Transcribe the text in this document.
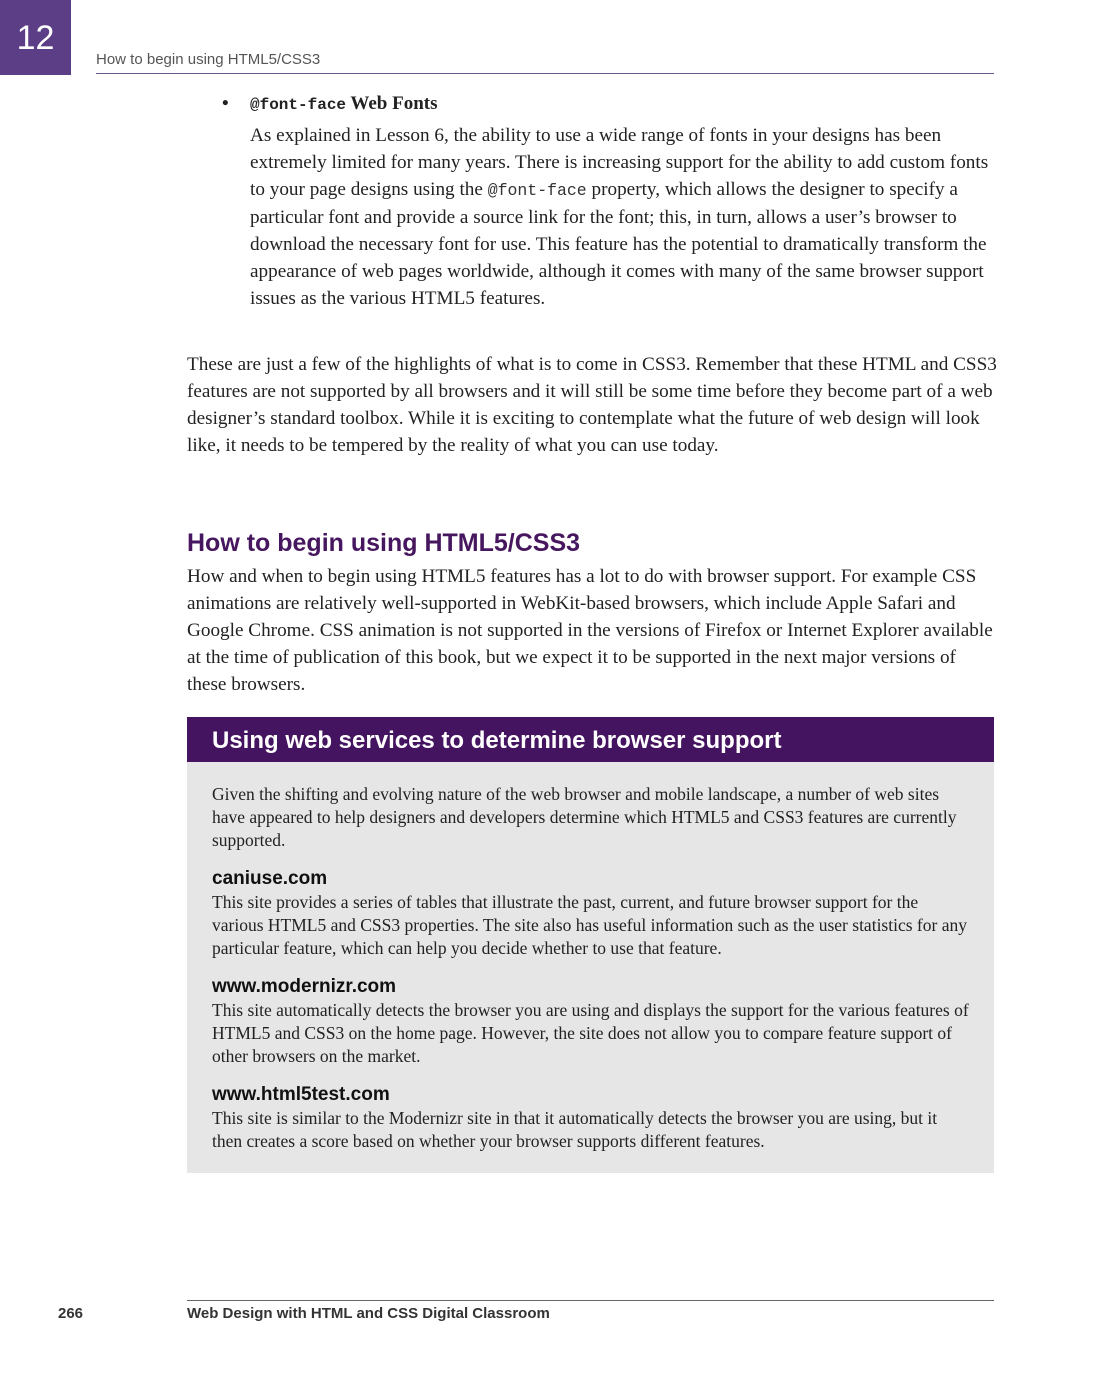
12
How to begin using HTML5/CSS3
• @font-face Web Fonts
As explained in Lesson 6, the ability to use a wide range of fonts in your designs has been extremely limited for many years. There is increasing support for the ability to add custom fonts to your page designs using the @font-face property, which allows the designer to specify a particular font and provide a source link for the font; this, in turn, allows a user’s browser to download the necessary font for use. This feature has the potential to dramatically transform the appearance of web pages worldwide, although it comes with many of the same browser support issues as the various HTML5 features.
These are just a few of the highlights of what is to come in CSS3. Remember that these HTML and CSS3 features are not supported by all browsers and it will still be some time before they become part of a web designer’s standard toolbox. While it is exciting to contemplate what the future of web design will look like, it needs to be tempered by the reality of what you can use today.
How to begin using HTML5/CSS3
How and when to begin using HTML5 features has a lot to do with browser support. For example CSS animations are relatively well-supported in WebKit-based browsers, which include Apple Safari and Google Chrome. CSS animation is not supported in the versions of Firefox or Internet Explorer available at the time of publication of this book, but we expect it to be supported in the next major versions of these browsers.
Using web services to determine browser support

Given the shifting and evolving nature of the web browser and mobile landscape, a number of web sites have appeared to help designers and developers determine which HTML5 and CSS3 features are currently supported.

caniuse.com

This site provides a series of tables that illustrate the past, current, and future browser support for the various HTML5 and CSS3 properties. The site also has useful information such as the user statistics for any particular feature, which can help you decide whether to use that feature.

www.modernizr.com

This site automatically detects the browser you are using and displays the support for the various features of HTML5 and CSS3 on the home page. However, the site does not allow you to compare feature support of other browsers on the market.

www.html5test.com

This site is similar to the Modernizr site in that it automatically detects the browser you are using, but it then creates a score based on whether your browser supports different features.

266	Web Design with HTML and CSS Digital Classroom
